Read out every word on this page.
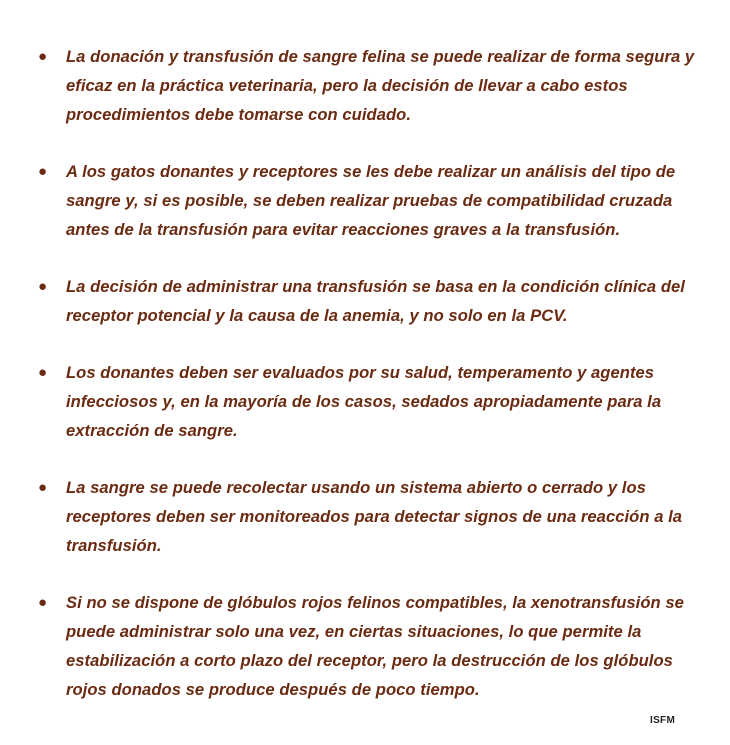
● La donación y transfusión de sangre felina se puede realizar de forma segura y eficaz en la práctica veterinaria, pero la decisión de llevar a cabo estos procedimientos debe tomarse con cuidado.
● A los gatos donantes y receptores se les debe realizar un análisis del tipo de sangre y, si es posible, se deben realizar pruebas de compatibilidad cruzada antes de la transfusión para evitar reacciones graves a la transfusión.
● La decisión de administrar una transfusión se basa en la condición clínica del receptor potencial y la causa de la anemia, y no solo en la PCV.
● Los donantes deben ser evaluados por su salud, temperamento y agentes infecciosos y, en la mayoría de los casos, sedados apropiadamente para la extracción de sangre.
● La sangre se puede recolectar usando un sistema abierto o cerrado y los receptores deben ser monitoreados para detectar signos de una reacción a la transfusión.
● Si no se dispone de glóbulos rojos felinos compatibles, la xenotransfusión se puede administrar solo una vez, en ciertas situaciones, lo que permite la estabilización a corto plazo del receptor, pero la destrucción de los glóbulos rojos donados se produce después de poco tiempo.
ISFM
